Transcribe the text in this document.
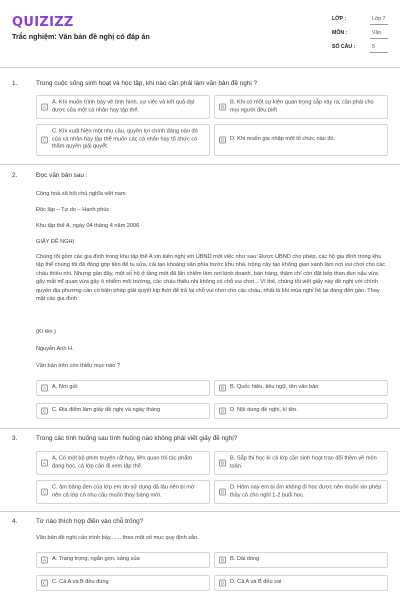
QUIZIZZ
Trắc nghiệm: Văn bản đề nghị có đáp án
LỚP :	Lớp 7
MÔN :	Văn
SỐ CÂU :	5
1.	Trong cuộc sống sinh hoạt và học tập, khi nào cần phải làm văn bản đề nghị ?
A
A. Khi muốn trình bày về tình hình, sự việc và kết quả đạt được của một cá nhân hay tập thể.	B
B. Khi có một sự kiện quan trọng sắp xảy ra, cần phải cho mọi người đều biết
C
C. Khi xuất hiện một nhu cầu, quyền lợi chính đáng nào đó của cá nhân hay tập thể muốn các cá nhân hay tổ chức có thẩm quyền giải quyết.
D	D. Khi muốn gia nhập một tổ chức nào đó.
2.	Đọc văn bản sau :
Cộng hoà xã hội chủ nghĩa việt nam
Độc lập – Tự do – Hạnh phúc
Khu tập thể A, ngày 04 tháng 4 năm 2006
GIẤY ĐỀ NGHỊ
Chúng tôi gồm các gia đình trong khu tập thể A xin kiến nghị với UBND một việc như sau: Được UBND cho phép, các hộ gia đình trong khu tập thể chúng tôi đã đóng góp tiền để tu sửa, cải tạo khoảng sân phía trước khu nhà, trồng cây tạo không gian xanh làm nơi vui chơi cho các cháu thiếu nhi. Nhưng gần đây, một số hộ ở tầng một đã lấn chiếm làm nơi kinh doanh, bán hàng, thậm chí còn đặt bếp than đun nấu vừa gây mất mĩ quan vừa gây ô nhiễm môi trường, các cháu thiếu nhi không có chỗ vui chơi... Vì thế, chúng tôi viết giấy này đề nghị với chính quyền địa phương cần có biện pháp giải quyết kịp thời để trả lại chỗ vui chơi cho các cháu, nhất là khi mùa nghỉ hè lại đang đến gần. Thay mặt các gia đình
(Kí tên )
Nguyễn Anh H.
Văn bản trên còn thiếu mục nào ?
A	A. Nơi gửi	B	B. Quốc hiệu, tiêu ngữ, tên văn bản
C	C. Địa điểm làm giấy đề nghị và ngày tháng	D	D. Nội dung đề nghị, kí tên.
3.	Trong các tình huống sau tình huống nào không phải viết giấy đề nghị?
A
A. Có một bộ phim truyện rất hay, liên quan tới tác phẩm đang học, cả lớp cần đi xem tập thể.	B
B. Sắp thi học kì cả lớp cần sinh hoạt trao đổi thêm về môn toán.
C
C. âm bảng đen của lớp em do sử dụng đã lâu nên bị mờ nên cả lớp có nhu cầu muốn thay bảng mới.	D
D. Hôm nay em bị ốm không đi học được nên muốn xin phép thầy cô cho nghỉ 1-2 buổi học.
4.	Từ nào thích hợp điền vào chỗ trống?
Văn bản đề nghị cần trình bày....... theo một số mục quy định sẵn.
A	A. Trang trọng, ngắn gọn, sáng sủa	B	B. Dài dòng
C	C. Cả A và B đều đúng	D	D. Cả A và B đều sai
